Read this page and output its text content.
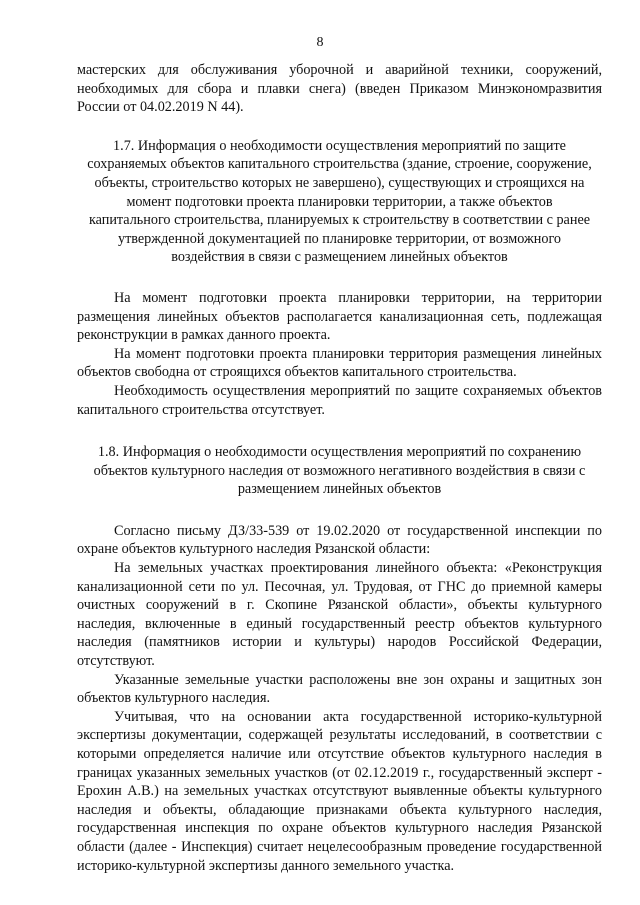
8

мастерских для обслуживания уборочной и аварийной техники, сооружений, необходимых для сбора и плавки снега) (введен Приказом Минэкономразвития России от 04.02.2019 N 44).

1.7. Информация о необходимости осуществления мероприятий по защите сохраняемых объектов капитального строительства (здание, строение, сооружение, объекты, строительство которых не завершено), существующих и строящихся на момент подготовки проекта планировки территории, а также объектов капитального строительства, планируемых к строительству в соответствии с ранее утвержденной документацией по планировке территории, от возможного воздействия в связи с размещением линейных объектов

На момент подготовки проекта планировки территории, на территории размещения линейных объектов располагается канализационная сеть, подлежащая реконструкции в рамках данного проекта.

На момент подготовки проекта планировки территория размещения линейных объектов свободна от строящихся объектов капитального строительства.

Необходимость осуществления мероприятий по защите сохраняемых объектов капитального строительства отсутствует.

1.8. Информация о необходимости осуществления мероприятий по сохранению объектов культурного наследия от возможного негативного воздействия в связи с размещением линейных объектов

Согласно письму ДЗ/33-539 от 19.02.2020 от государственной инспекции по охране объектов культурного наследия Рязанской области:

На земельных участках проектирования линейного объекта: «Реконструкция канализационной сети по ул. Песочная, ул. Трудовая, от ГНС до приемной камеры очистных сооружений в г. Скопине Рязанской области», объекты культурного наследия, включенные в единый государственный реестр объектов культурного наследия (памятников истории и культуры) народов Российской Федерации, отсутствуют.

Указанные земельные участки расположены вне зон охраны и защитных зон объектов культурного наследия.

Учитывая, что на основании акта государственной историко-культурной экспертизы документации, содержащей результаты исследований, в соответствии с которыми определяется наличие или отсутствие объектов культурного наследия в границах указанных земельных участков (от 02.12.2019 г., государственный эксперт - Ерохин А.В.) на земельных участках отсутствуют выявленные объекты культурного наследия и объекты, обладающие признаками объекта культурного наследия, государственная инспекция по охране объектов культурного наследия Рязанской области (далее - Инспекция) считает нецелесообразным проведение государственной историко-культурной экспертизы данного земельного участка.
